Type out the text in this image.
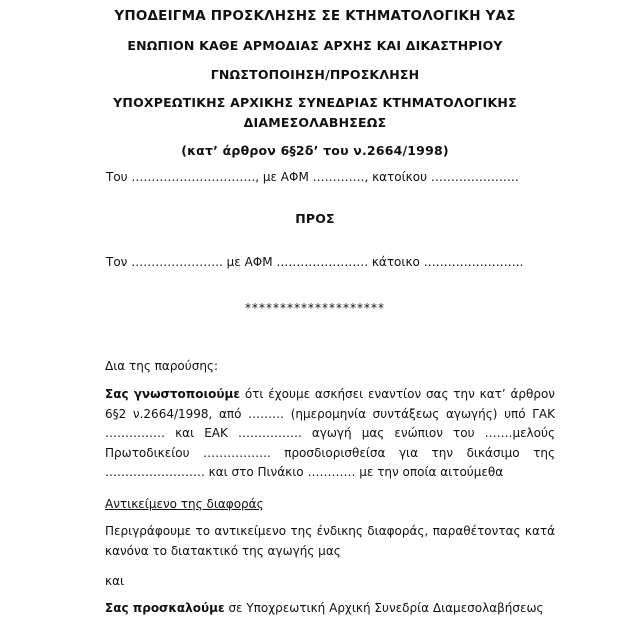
ΥΠΟΔΕΙΓΜΑ ΠΡΟΣΚΛΗΣΗΣ ΣΕ ΚΤΗΜΑΤΟΛΟΓΙΚΗ ΥΑΣ
ΕΝΩΠΙΟΝ ΚΑΘΕ ΑΡΜΟΔΙΑΣ ΑΡΧΗΣ ΚΑΙ ΔΙΚΑΣΤΗΡΙΟΥ
ΓΝΩΣΤΟΠΟΙΗΣΗ/ΠΡΟΣΚΛΗΣΗ
ΥΠΟΧΡΕΩΤΙΚΗΣ ΑΡΧΙΚΗΣ ΣΥΝΕΔΡΙΑΣ ΚΤΗΜΑΤΟΛΟΓΙΚΗΣ
ΔΙΑΜΕΣΟΛΑΒΗΣΕΩΣ
(κατ’ άρθρον 6§2δ’ του ν.2664/1998)
Του …………………………., με ΑΦΜ …………., κατοίκου ………………….
ΠΡΟΣ
Τον ………………….. με ΑΦΜ ………………….. κάτοικο …………………….
********************
Δια της παρούσης:
Σας γνωστοποιούμε ότι έχουμε ασκήσει εναντίον σας την κατ’ άρθρον 6§2 ν.2664/1998, από ……… (ημερομηνία συντάξεως αγωγής) υπό ΓΑΚ …………… και ΕΑΚ ……………. αγωγή μας ενώπιον του …….μελούς Πρωτοδικείου …………….. προσδιορισθείσα για την δικάσιμο της ……………………. και στο Πινάκιο ………… με την οποία αιτούμεθα
Αντικείμενο της διαφοράς
Περιγράφουμε το αντικείμενο της ένδικης διαφοράς, παραθέτοντας κατά κανόνα το διατακτικό της αγωγής μας
και
Σας προσκαλούμε σε Υποχρεωτική Αρχική Συνεδρία Διαμεσολαβήσεως
